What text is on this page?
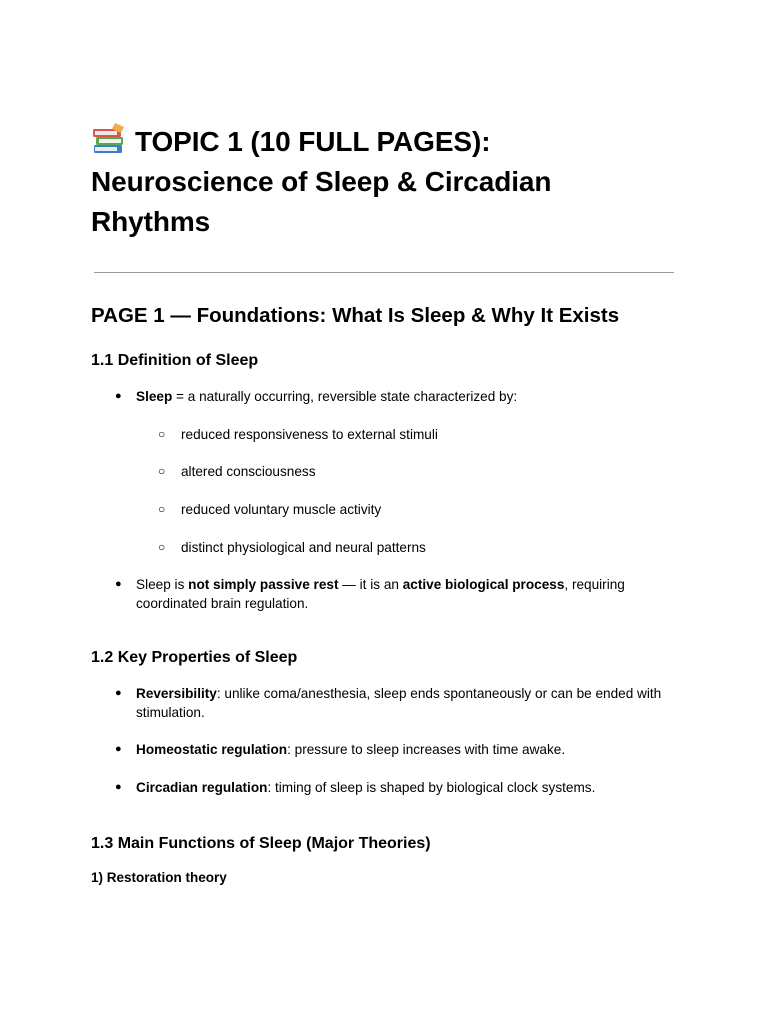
TOPIC 1 (10 FULL PAGES):
Neuroscience of Sleep & Circadian
Rhythms
PAGE 1 — Foundations: What Is Sleep & Why It Exists
1.1 Definition of Sleep
● Sleep = a naturally occurring, reversible state characterized by:
○ reduced responsiveness to external stimuli
○ altered consciousness
○ reduced voluntary muscle activity
○ distinct physiological and neural patterns
● Sleep is not simply passive rest — it is an active biological process, requiring coordinated brain regulation.
1.2 Key Properties of Sleep
● Reversibility: unlike coma/anesthesia, sleep ends spontaneously or can be ended with stimulation.
● Homeostatic regulation: pressure to sleep increases with time awake.
● Circadian regulation: timing of sleep is shaped by biological clock systems.
1.3 Main Functions of Sleep (Major Theories)
1) Restoration theory
